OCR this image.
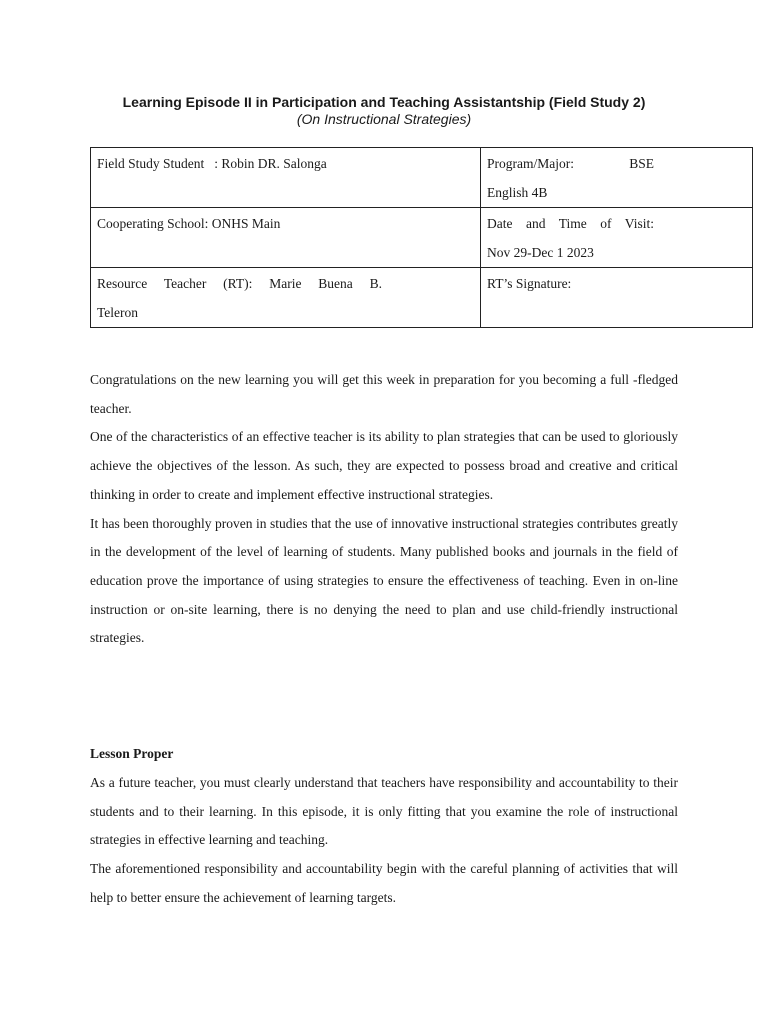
Learning Episode II in Participation and Teaching Assistantship (Field Study 2)

(On Instructional Strategies)

Field Study Student : Robin DR. Salonga	Program/Major: BSE
English 4B

Cooperating School: ONHS Main	Date and Time of Visit:
Nov 29-Dec 1 2023

Resource Teacher (RT): Marie Buena B.
Teleron	RT’s Signature:

Congratulations on the new learning you will get this week in preparation for you becoming a full -fledged teacher.

One of the characteristics of an effective teacher is its ability to plan strategies that can be used to gloriously achieve the objectives of the lesson. As such, they are expected to possess broad and creative and critical thinking in order to create and implement effective instructional strategies.

It has been thoroughly proven in studies that the use of innovative instructional strategies contributes greatly in the development of the level of learning of students. Many published books and journals in the field of education prove the importance of using strategies to ensure the effectiveness of teaching. Even in on-line instruction or on-site learning, there is no denying the need to plan and use child-friendly instructional strategies.

Lesson Proper

As a future teacher, you must clearly understand that teachers have responsibility and accountability to their students and to their learning. In this episode, it is only fitting that you examine the role of instructional strategies in effective learning and teaching.

The aforementioned responsibility and accountability begin with the careful planning of activities that will help to better ensure the achievement of learning targets.
